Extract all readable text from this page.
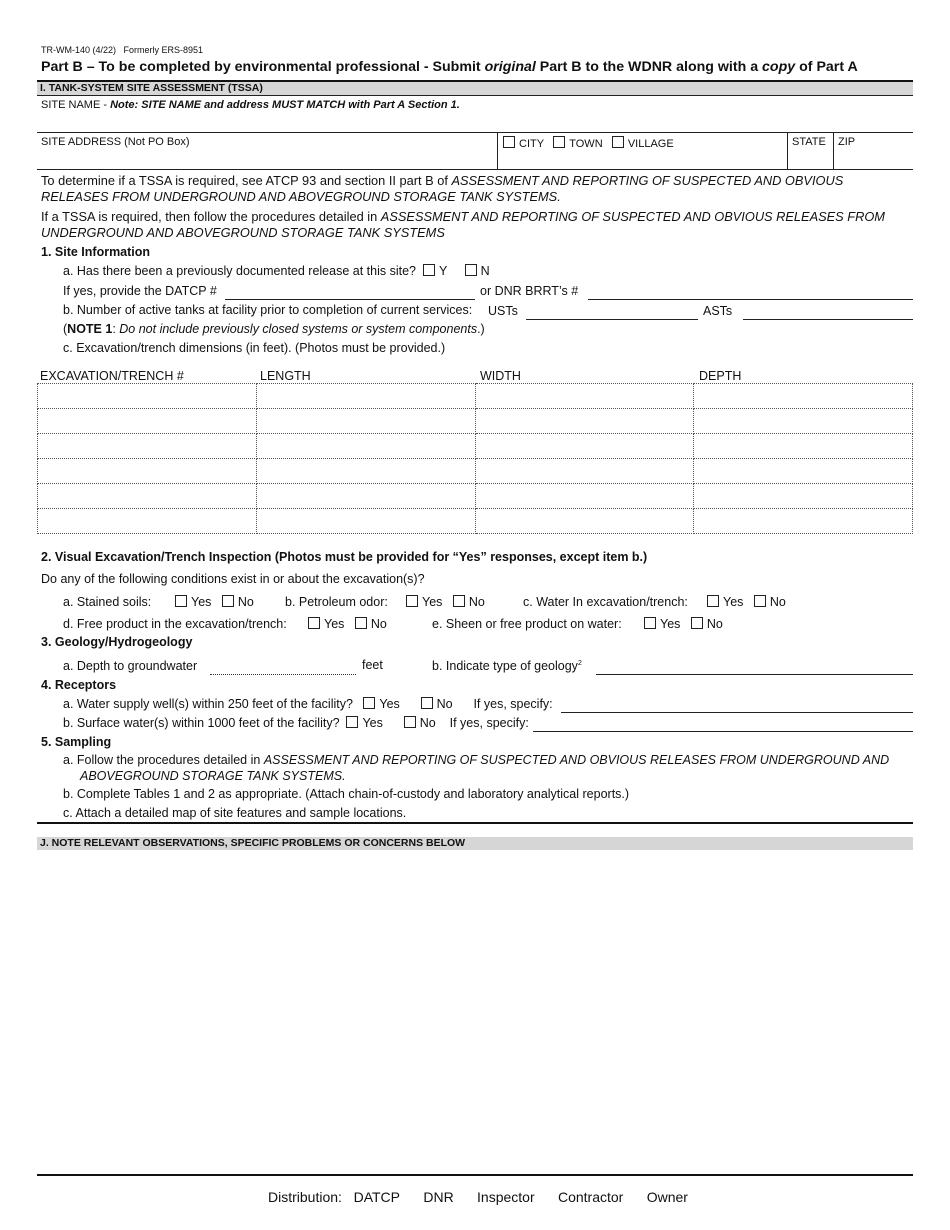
TR-WM-140 (4/22) Formerly ERS-8951
Part B – To be completed by environmental professional - Submit original Part B to the WDNR along with a copy of Part A
I. TANK-SYSTEM SITE ASSESSMENT (TSSA)
SITE NAME - Note: SITE NAME and address MUST MATCH with Part A Section 1.
SITE ADDRESS (Not PO Box)	CITY TOWN VILLAGE	STATE ZIP
To determine if a TSSA is required, see ATCP 93 and section II part B of ASSESSMENT AND REPORTING OF SUSPECTED AND OBVIOUS RELEASES FROM UNDERGROUND AND ABOVEGROUND STORAGE TANK SYSTEMS.
If a TSSA is required, then follow the procedures detailed in ASSESSMENT AND REPORTING OF SUSPECTED AND OBVIOUS RELEASES FROM UNDERGROUND AND ABOVEGROUND STORAGE TANK SYSTEMS
1. Site Information
a. Has there been a previously documented release at this site? Y	N
If yes, provide the DATCP #	or DNR BRRT’s #
b. Number of active tanks at facility prior to completion of current services: USTs	ASTs
(NOTE 1: Do not include previously closed systems or system components.)
c. Excavation/trench dimensions (in feet). (Photos must be provided.)
EXCAVATION/TRENCH #	LENGTH	WIDTH	DEPTH

2. Visual Excavation/Trench Inspection (Photos must be provided for “Yes” responses, except item b.)
Do any of the following conditions exist in or about the excavation(s)?
a. Stained soils:	Yes No b. Petroleum odor:	Yes No	c. Water In excavation/trench:	Yes No
d. Free product in the excavation/trench:	Yes No	e. Sheen or free product on water:	Yes No
3. Geology/Hydrogeology
a. Depth to groundwater	feet	b. Indicate type of geology$^2$
4. Receptors
a. Water supply well(s) within 250 feet of the facility? Yes	No If yes, specify:
b. Surface water(s) within 1000 feet of the facility? Yes	No If yes, specify:
5. Sampling
a. Follow the procedures detailed in ASSESSMENT AND REPORTING OF SUSPECTED AND OBVIOUS RELEASES FROM UNDERGROUND AND
ABOVEGROUND STORAGE TANK SYSTEMS.
b. Complete Tables 1 and 2 as appropriate. (Attach chain-of-custody and laboratory analytical reports.)
c. Attach a detailed map of site features and sample locations.
J. NOTE RELEVANT OBSERVATIONS, SPECIFIC PROBLEMS OR CONCERNS BELOW
Distribution: DATCP DNR Inspector Contractor Owner
